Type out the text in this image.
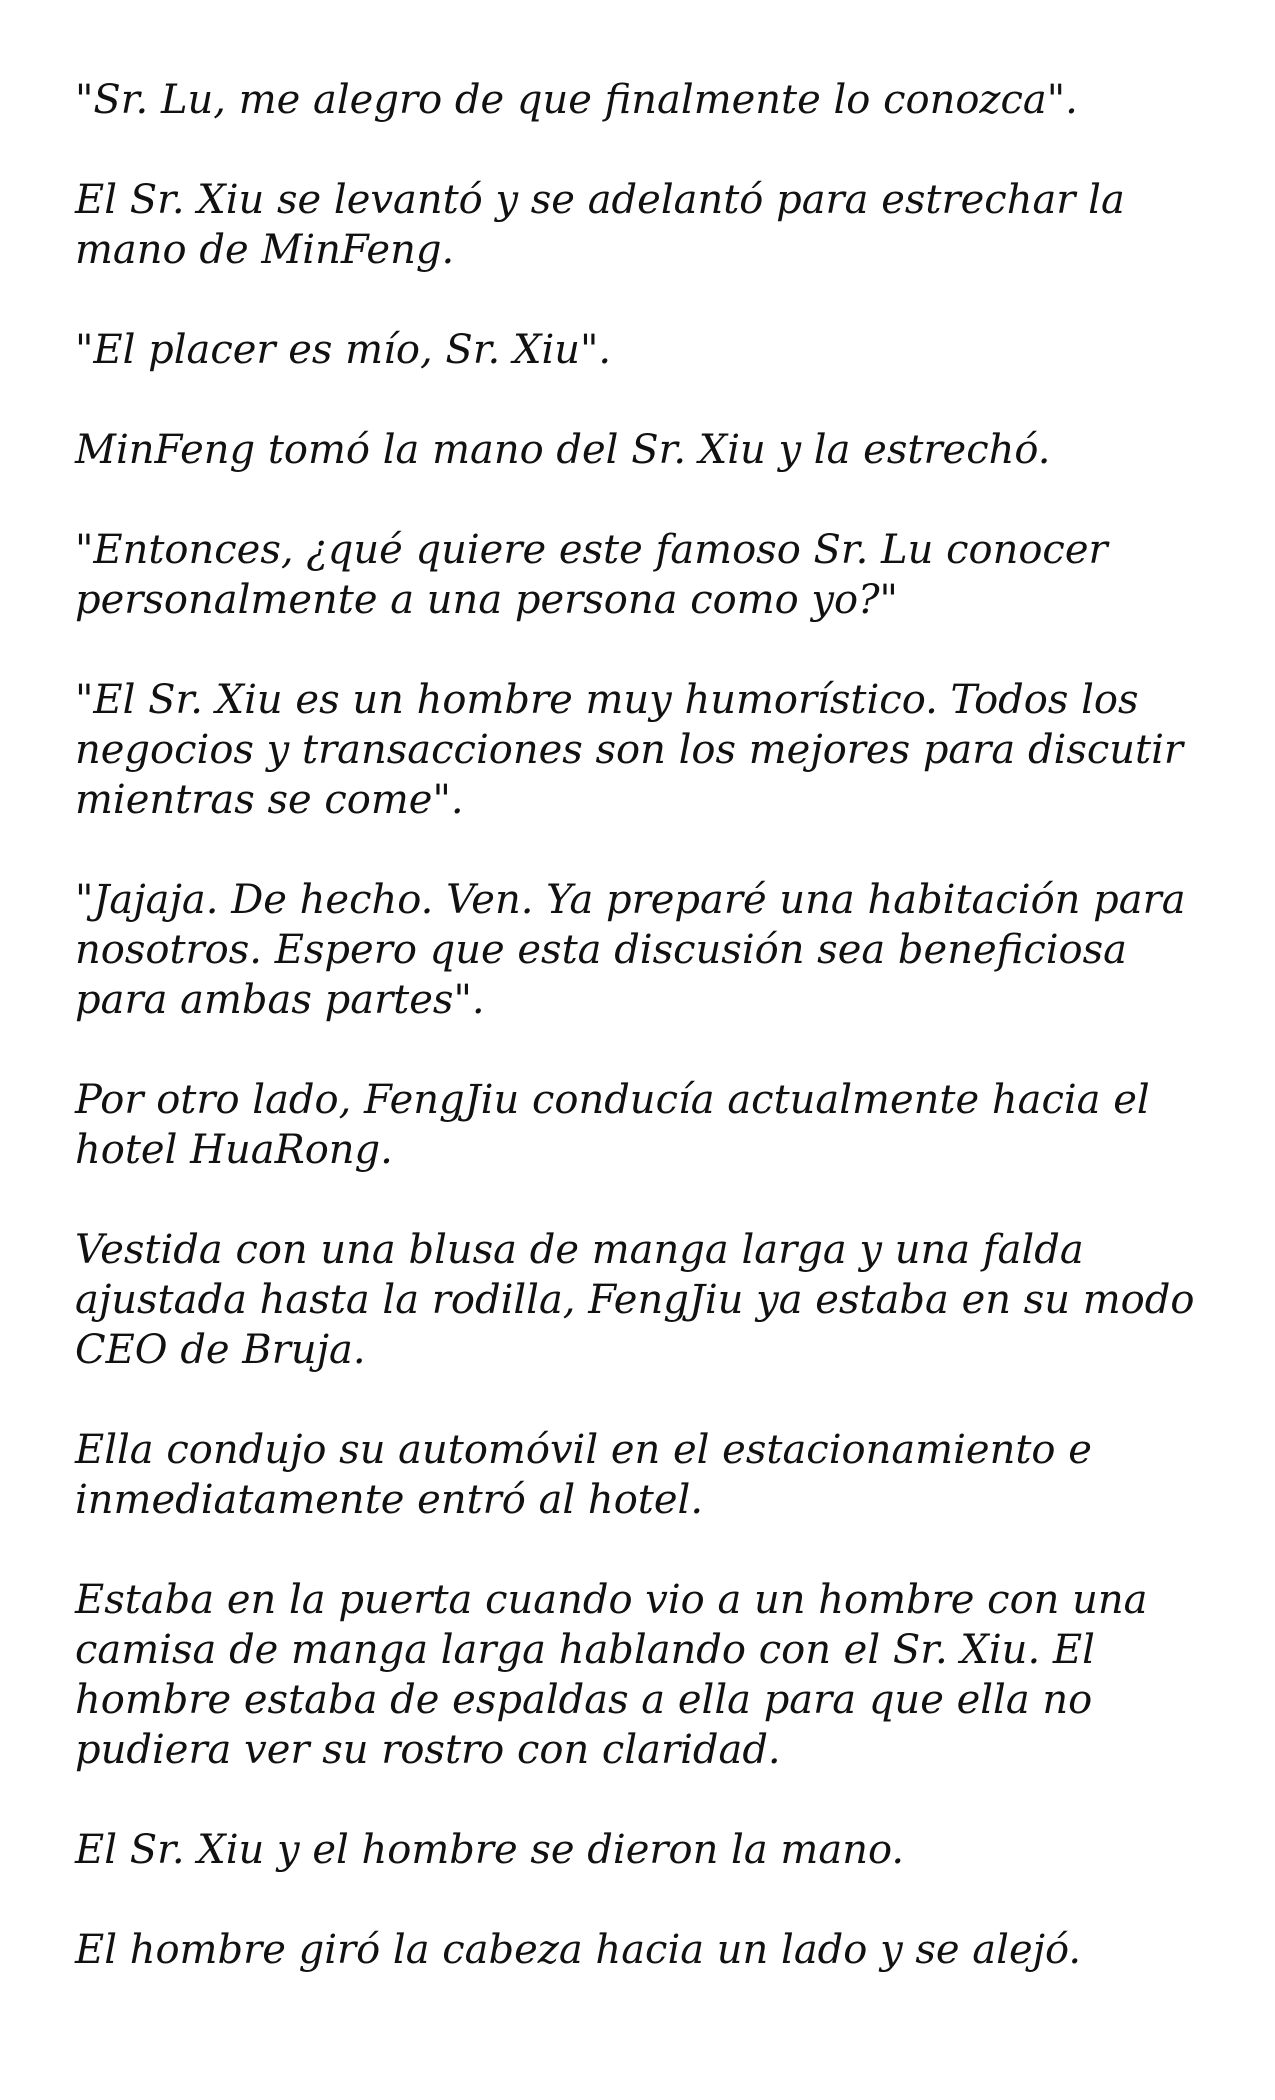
"Sr. Lu, me alegro de que finalmente lo conozca".

El Sr. Xiu se levantó y se adelantó para estrechar la mano de MinFeng.

"El placer es mío, Sr. Xiu".

MinFeng tomó la mano del Sr. Xiu y la estrechó.

"Entonces, ¿qué quiere este famoso Sr. Lu conocer personalmente a una persona como yo?"

"El Sr. Xiu es un hombre muy humorístico. Todos los negocios y transacciones son los mejores para discutir mientras se come".

"Jajaja. De hecho. Ven. Ya preparé una habitación para nosotros. Espero que esta discusión sea beneficiosa para ambas partes".

Por otro lado, FengJiu conducía actualmente hacia el hotel HuaRong.

Vestida con una blusa de manga larga y una falda ajustada hasta la rodilla, FengJiu ya estaba en su modo CEO de Bruja.

Ella condujo su automóvil en el estacionamiento e inmediatamente entró al hotel.

Estaba en la puerta cuando vio a un hombre con una camisa de manga larga hablando con el Sr. Xiu. El hombre estaba de espaldas a ella para que ella no pudiera ver su rostro con claridad.

El Sr. Xiu y el hombre se dieron la mano.

El hombre giró la cabeza hacia un lado y se alejó.
